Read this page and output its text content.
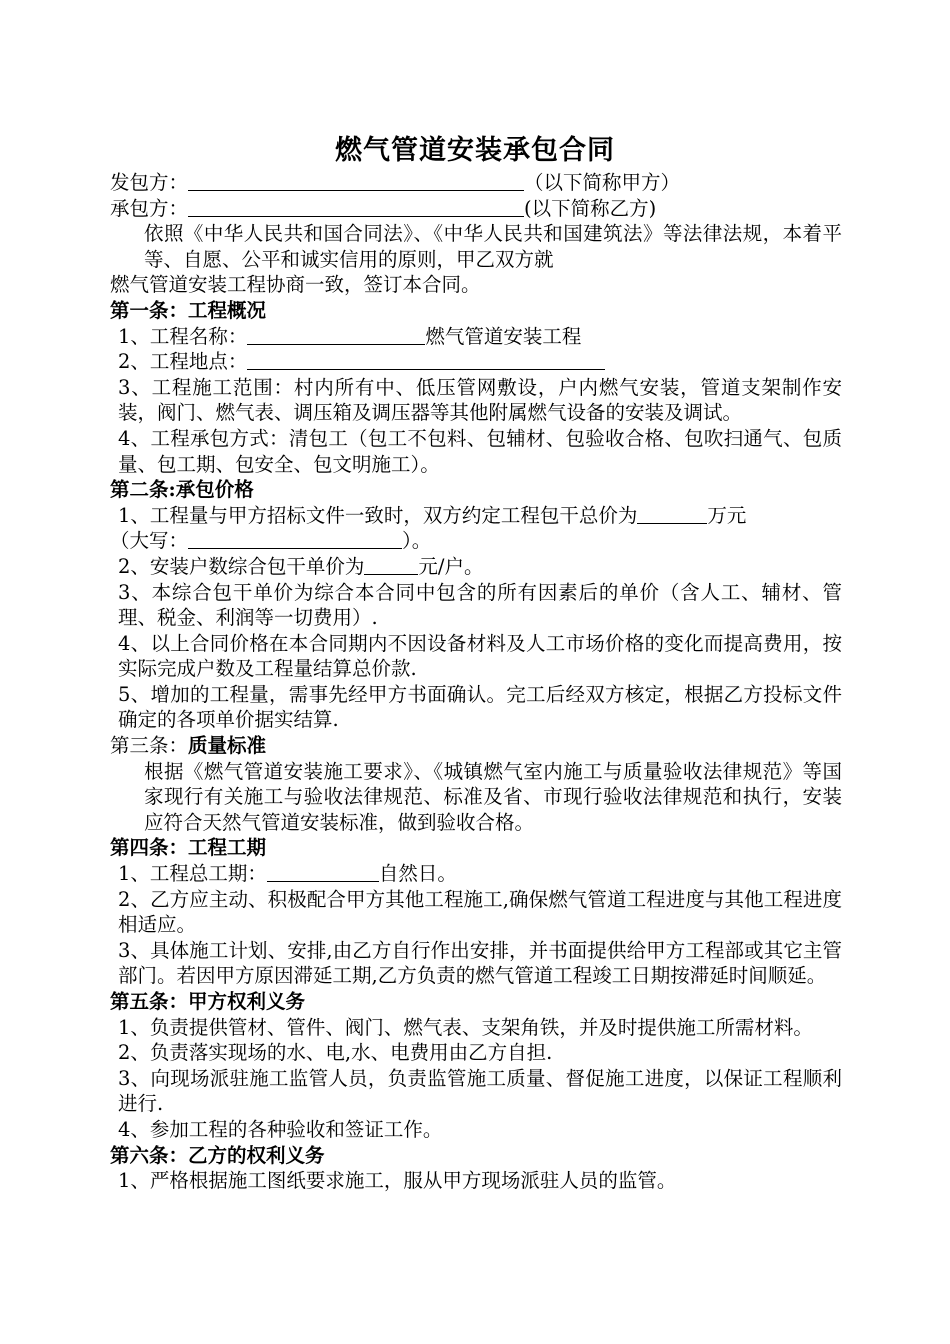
燃气管道安装承包合同
发包方：	（以下简称甲方）
承包方：	(以下简称乙方)
依照《中华人民共和国合同法》、《中华人民共和国建筑法》等法律法规，本着平等、自愿、公平和诚实信用的原则，甲乙双方就
燃气管道安装工程协商一致，签订本合同。
第一条：工程概况
1、工程名称：	燃气管道安装工程
2、工程地点：
3、工程施工范围：村内所有中、低压管网敷设，户内燃气安装，管道支架制作安装，阀门、燃气表、调压箱及调压器等其他附属燃气设备的安装及调试。
4、工程承包方式：清包工（包工不包料、包辅材、包验收合格、包吹扫通气、包质量、包工期、包安全、包文明施工）。
第二条:承包价格
1、工程量与甲方招标文件一致时，双方约定工程包干总价为	万元
（大写：	）。
2、安装户数综合包干单价为	元/户。
3、本综合包干单价为综合本合同中包含的所有因素后的单价（含人工、辅材、管理、税金、利润等一切费用）.
4、以上合同价格在本合同期内不因设备材料及人工市场价格的变化而提高费用，按实际完成户数及工程量结算总价款.
5、增加的工程量，需事先经甲方书面确认。完工后经双方核定，根据乙方投标文件确定的各项单价据实结算.
第三条：质量标准
根据《燃气管道安装施工要求》、《城镇燃气室内施工与质量验收法律规范》等国家现行有关施工与验收法律规范、标准及省、市现行验收法律规范和执行，安装应符合天然气管道安装标准，做到验收合格。
第四条：工程工期
1、工程总工期：	自然日。
2、乙方应主动、积极配合甲方其他工程施工,确保燃气管道工程进度与其他工程进度相适应。
3、具体施工计划、安排,由乙方自行作出安排，并书面提供给甲方工程部或其它主管部门。若因甲方原因滞延工期,乙方负责的燃气管道工程竣工日期按滞延时间顺延。
第五条：甲方权利义务
1、负责提供管材、管件、阀门、燃气表、支架角铁，并及时提供施工所需材料。
2、负责落实现场的水、电,水、电费用由乙方自担.
3、向现场派驻施工监管人员，负责监管施工质量、督促施工进度，以保证工程顺利进行.
4、参加工程的各种验收和签证工作。
第六条：乙方的权利义务
1、严格根据施工图纸要求施工，服从甲方现场派驻人员的监管。
